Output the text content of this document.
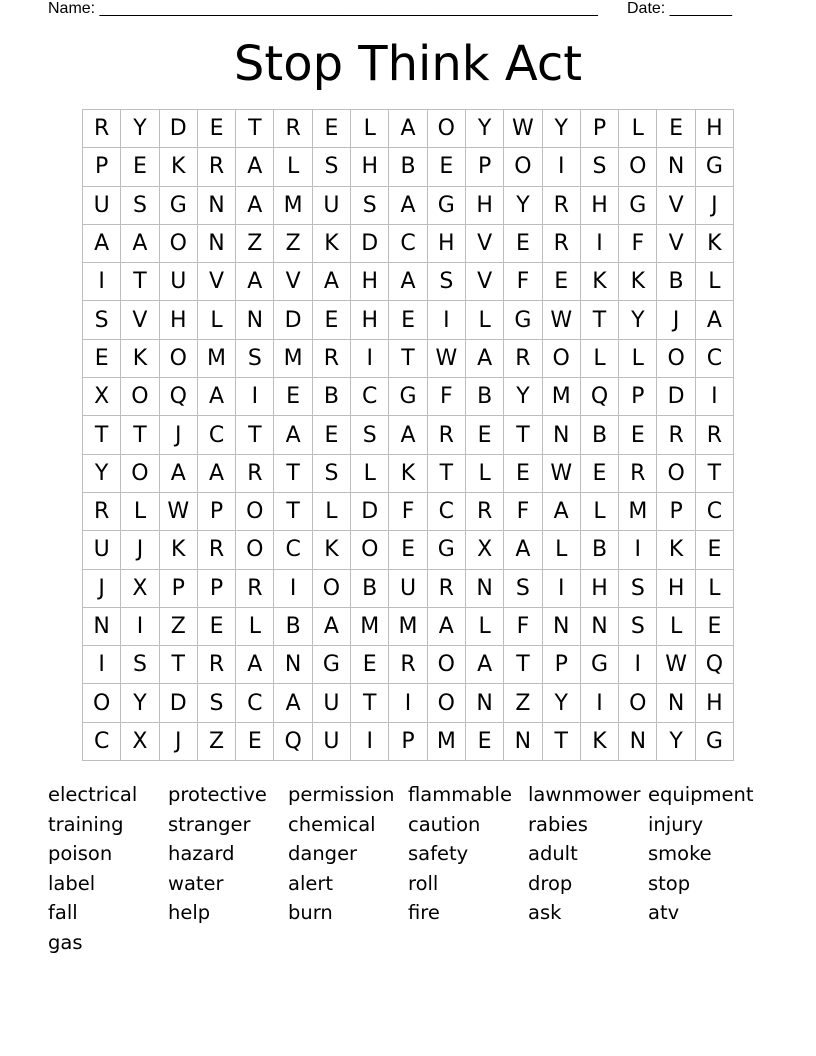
Name: ________________________________________________________ Date: _______
Stop Think Act
R	Y	D	E	T	R	E	L	A	O	Y W Y	P	L	E	H
P	E	K	R	A	L	S	H	B	E	P	O	I	S	O N G
U	S	G N	A M U	S	A	G H	Y	R	H G	V	J
A	A	O N	Z	Z	K	D	C	H	V	E	R	I	F	V	K
I	T	U	V	A	V	A	H	A	S	V	F	E	K	K	B	L
S	V	H	L	N D	E	H	E	I	L	G W T	Y	J	A
E	K	O M S M R	I	T W A	R O	L	L	O C
X	O Q	A	I	E	B	C	G	F	B	Y	M Q	P	D	I
T	T	J	C	T	A	E	S	A	R	E	T	N	B	E	R	R
Y	O	A	A	R	T	S	L	K	T	L	E W E	R O	T
R	L W P	O	T	L	D	F	C	R	F	A	L	M	P	C
U	J	K	R O C	K	O	E	G	X	A	L	B	I	K	E
J	X	P	P	R	I	O	B	U	R	N	S	I	H	S	H	L
N	I	Z	E	L	B	A M M A	L	F	N N	S	L	E
I	S	T	R	A	N G	E	R O	A	T	P	G	I	W Q
O	Y	D	S	C	A	U	T	I	O N	Z	Y	I	O N H
C	X	J	Z	E	Q U	I	P	M E	N	T	K	N	Y	G
electrical	protective	permission flammable lawnmower equipment
training	stranger	chemical	caution	rabies	injury
poison	hazard	danger	safety	adult	smoke
label	water	alert	roll	drop	stop
fall	help	burn	fire	ask	atv
gas
